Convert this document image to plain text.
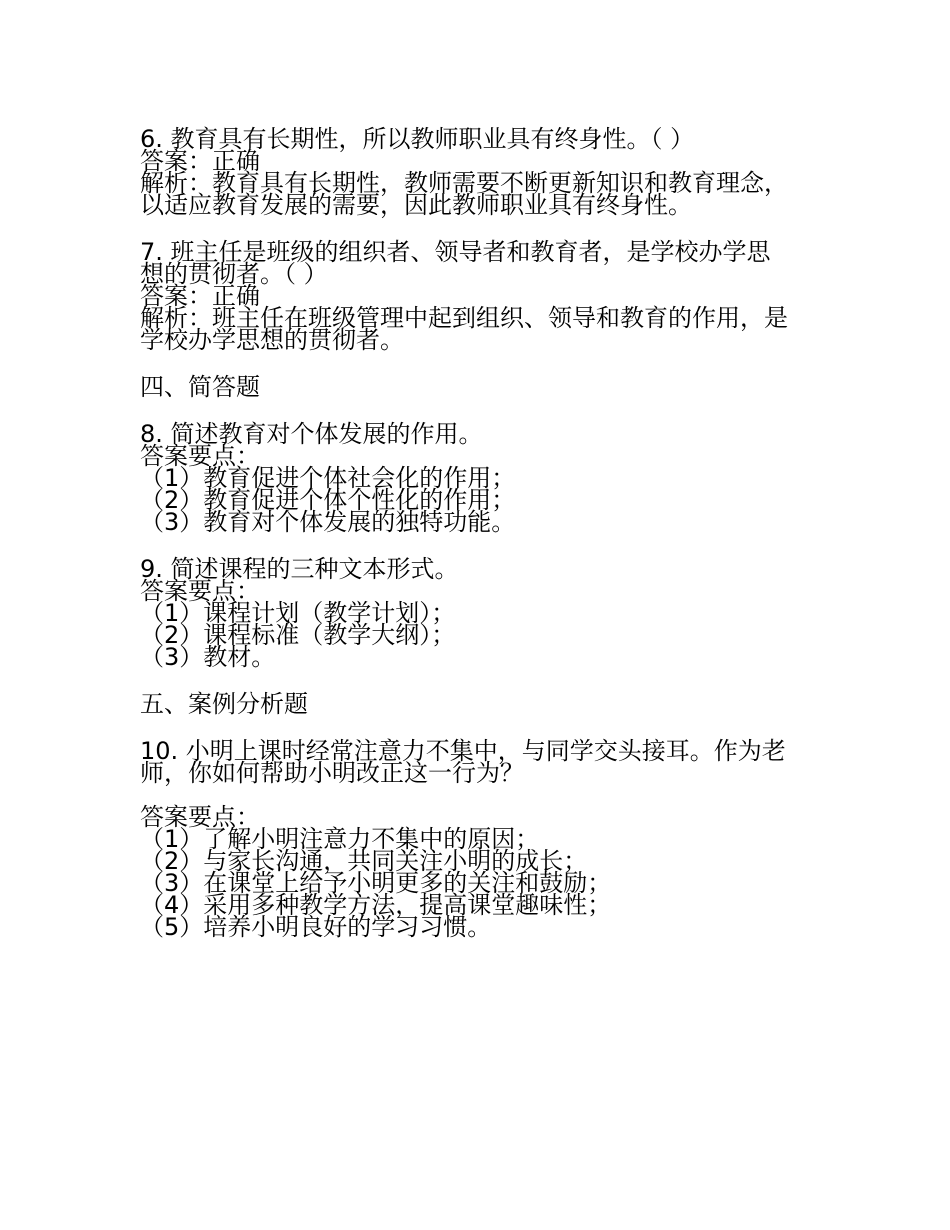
6. 教育具有长期性，所以教师职业具有终身性。（ ）
答案：正确
解析：教育具有长期性，教师需要不断更新知识和教育理念，
以适应教育发展的需要，因此教师职业具有终身性。
7. 班主任是班级的组织者、领导者和教育者，是学校办学思
想的贯彻者。（ ）
答案：正确
解析：班主任在班级管理中起到组织、领导和教育的作用，是
学校办学思想的贯彻者。
四、简答题
8. 简述教育对个体发展的作用。
答案要点：
（1）教育促进个体社会化的作用；
（2）教育促进个体个性化的作用；
（3）教育对个体发展的独特功能。
9. 简述课程的三种文本形式。
答案要点：
（1）课程计划（教学计划）；
（2）课程标准（教学大纲）；
（3）教材。
五、案例分析题
10. 小明上课时经常注意力不集中，与同学交头接耳。作为老
师，你如何帮助小明改正这一行为？
答案要点：
（1）了解小明注意力不集中的原因；
（2）与家长沟通，共同关注小明的成长；
（3）在课堂上给予小明更多的关注和鼓励；
（4）采用多种教学方法，提高课堂趣味性；
（5）培养小明良好的学习习惯。
